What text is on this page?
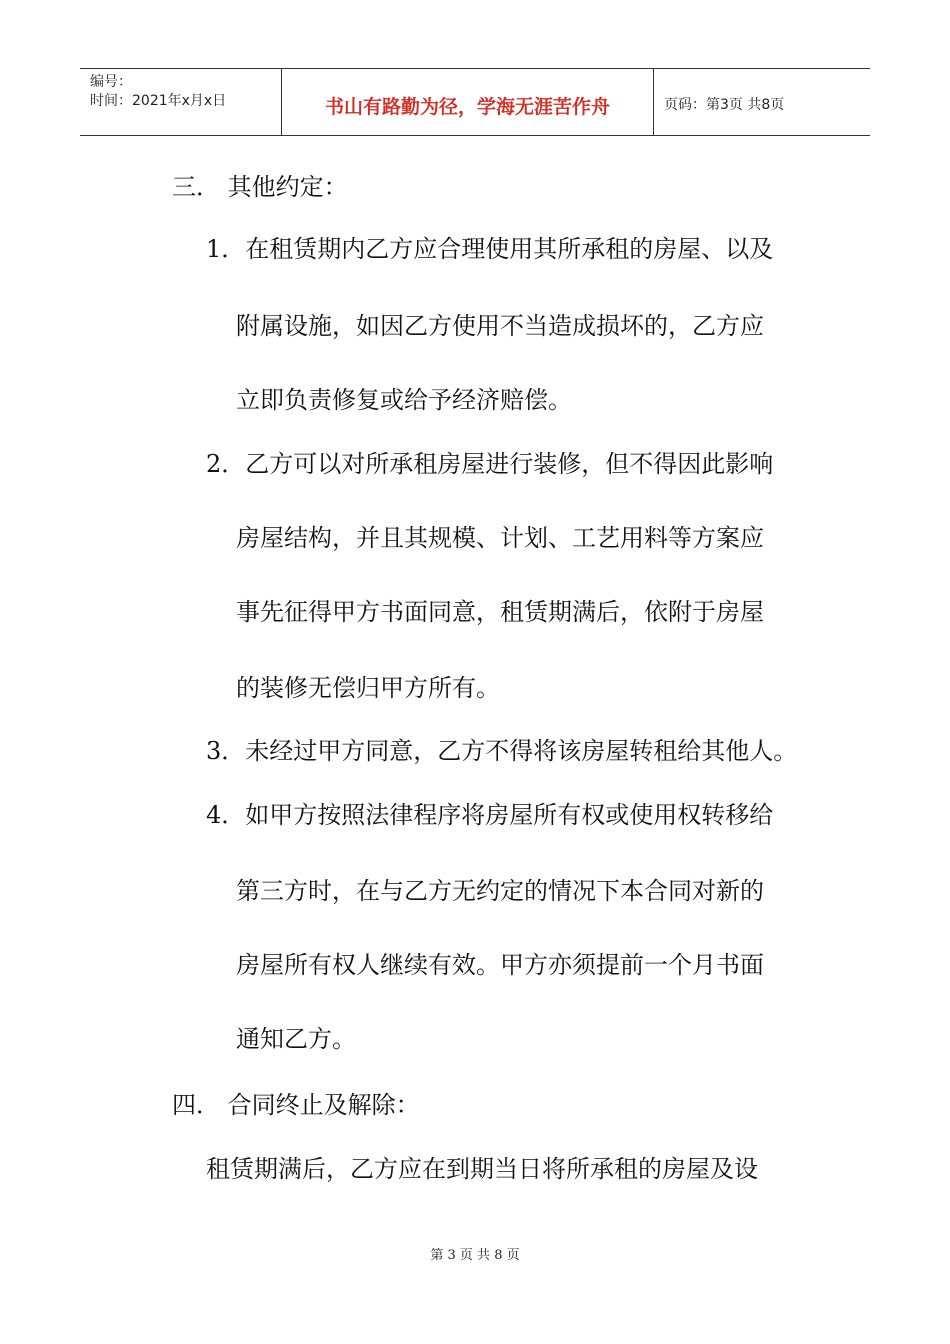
编号：
时间：2021年x月x日	书山有路勤为径，学海无涯苦作舟	页码：第3页 共8页
三． 其他约定：
1．在租赁期内乙方应合理使用其所承租的房屋、以及
附属设施，如因乙方使用不当造成损坏的，乙方应
立即负责修复或给予经济赔偿。
2．乙方可以对所承租房屋进行装修，但不得因此影响
房屋结构，并且其规模、计划、工艺用料等方案应
事先征得甲方书面同意，租赁期满后，依附于房屋
的装修无偿归甲方所有。
3．未经过甲方同意，乙方不得将该房屋转租给其他人。
4．如甲方按照法律程序将房屋所有权或使用权转移给
第三方时，在与乙方无约定的情况下本合同对新的
房屋所有权人继续有效。甲方亦须提前一个月书面
通知乙方。
四． 合同终止及解除：
租赁期满后，乙方应在到期当日将所承租的房屋及设
第 3 页 共 8 页
